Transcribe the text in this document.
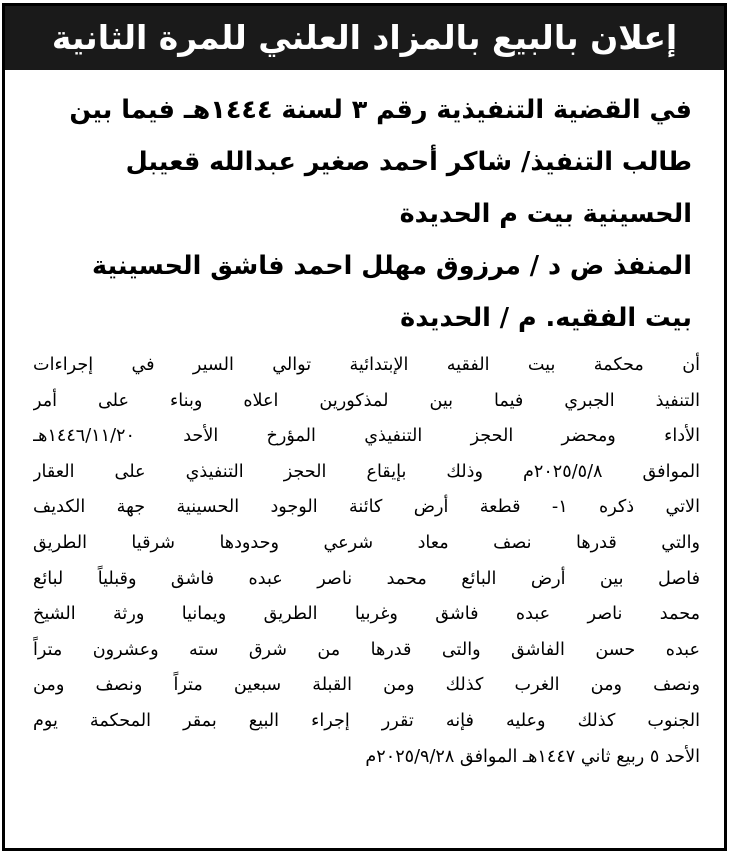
إعلان بالبيع بالمزاد العلني للمرة الثانية
في القضية التنفيذية رقم ٣ لسنة ١٤٤٤هـ فيما بين
طالب التنفيذ/ شاكر أحمد صغير عبدالله قعيبل
الحسينية بيت م الحديدة
المنفذ ض د / مرزوق مهلل احمد فاشق الحسينية
بيت الفقيه. م / الحديدة
أن محكمة بيت الفقيه الإبتدائية توالي السير في إجراءات
التنفيذ الجبري فيما بين لمذكورين اعلاه وبناء على أمر
الأداء ومحضر الحجز التنفيذي المؤرخ الأحد ١٤٤٦/١١/٢٠هـ
الموافق ٢٠٢٥/٥/٨م وذلك بإيقاع الحجز التنفيذي على العقار
الاتي ذكره ١- قطعة أرض كائنة الوجود الحسينية جهة الكديف
والتي قدرها نصف معاد شرعي وحدودها شرقيا الطريق
فاصل بين أرض البائع محمد ناصر عبده فاشق وقبلياً لبائع
محمد ناصر عبده فاشق وغربيا الطريق ويمانيا ورثة الشيخ
عبده حسن الفاشق والتى قدرها من شرق سته وعشرون متراً
ونصف ومن الغرب كذلك ومن القبلة سبعين متراً ونصف ومن
الجنوب كذلك وعليه فإنه تقرر إجراء البيع بمقر المحكمة يوم
الأحد ٥ ربيع ثاني ١٤٤٧هـ الموافق ٢٠٢٥/٩/٢٨م
